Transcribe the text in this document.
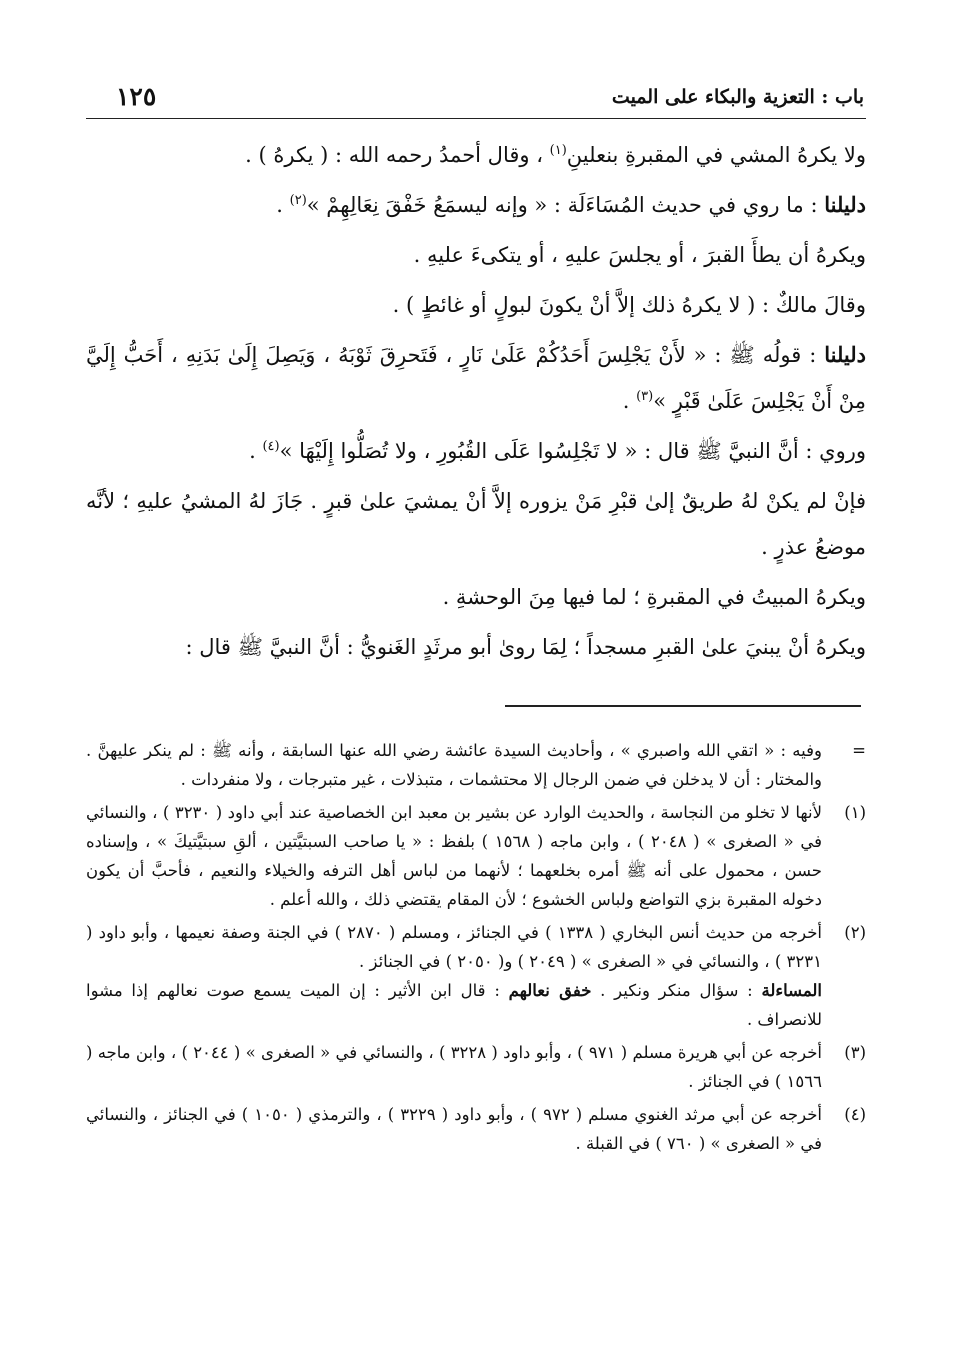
باب : التعزية والبكاء على الميت
١٢٥

ولا يكرهُ المشي في المقبرةِ بنعلينِ$^{(١)}$ ، وقال أحمدُ رحمه الله : ( يكرهُ ) .

دليلنا : ما روي في حديث المُسَاءَلَة : « وإنه ليسمَعُ خَفْقَ نِعَالِهِمْ »$^{(٢)}$ .

ويكرهُ أن يطأَ القبرَ ، أو يجلسَ عليهِ ، أو يتكىءَ عليهِ .

وقالَ مالكٌ : ( لا يكرهُ ذلك إلاَّ أنْ يكونَ لبولٍ أو غائطٍ ) .

دليلنا : قولُه ﷺ : « لأَنْ يَجْلِسَ أَحَدُكُمْ عَلَىٰ نَارٍ ، فَتَحرِقَ ثَوْبَهُ ، وَيَصِلَ إِلَىٰ بَدَنِهِ ، أَحَبُّ إِلَيَّ مِنْ أَنْ يَجْلِسَ عَلَىٰ قَبْرٍ »$^{(٣)}$ .

وروي : أنَّ النبيَّ ﷺ قال : « لا تَجْلِسُوا عَلَى القُبُورِ ، ولا تُصَلُّوا إِلَيْهَا »$^{(٤)}$ .

فإنْ لم يكنْ لهُ طريقٌ إلىٰ قبْرِ مَنْ يزوره إلاَّ أنْ يمشيَ علىٰ قبرٍ . جَازَ لهُ المشيُ عليهِ ؛ لأنَّه موضعُ عذرٍ .

ويكرهُ المبيتُ في المقبرةِ ؛ لما فيها مِنَ الوحشةِ .

ويكرهُ أنْ يبنيَ علىٰ القبرِ مسجداً ؛ لِمَا روىٰ أبو مرثَدٍ الغَنويُّ : أنَّ النبيَّ ﷺ قال :

=

وفيه : « اتقي الله واصبري » ، وأحاديث السيدة عائشة رضي الله عنها السابقة ، وأنه ﷺ : لم ينكر عليهنَّ . والمختار : أن لا يدخلن في ضمن الرجال إلا محتشمات ، متبذلات ، غير متبرجات ، ولا منفردات .

(١)

لأنها لا تخلو من النجاسة ، والحديث الوارد عن بشير بن معبد ابن الخصاصية عند أبي داود ( ٣٢٣٠ ) ، والنسائي في « الصغرى » ( ٢٠٤٨ ) ، وابن ماجه ( ١٥٦٨ ) بلفظ : « يا صاحب السبتيَّتين ، ألقِ سبتيَّتيكَ » ، وإسناده حسن ، محمول على أنه ﷺ أمره بخلعهما ؛ لأنهما من لباس أهل الترفه والخيلاء والنعيم ، فأحبَّ أن يكون دخوله المقبرة بزي التواضع ولباس الخشوع ؛ لأن المقام يقتضي ذلك ، والله أعلم .

(٢)

أخرجه من حديث أنس البخاري ( ١٣٣٨ ) في الجنائز ، ومسلم ( ٢٨٧٠ ) في الجنة وصفة نعيمها ، وأبو داود ( ٣٢٣١ ) ، والنسائي في « الصغرى » ( ٢٠٤٩ ) و( ٢٠٥٠ ) في الجنائز .

المساءلة : سؤال منكر ونكير . خفق نعالهم : قال ابن الأثير : إن الميت يسمع صوت نعالهم إذا مشوا للانصراف .

(٣)

أخرجه عن أبي هريرة مسلم ( ٩٧١ ) ، وأبو داود ( ٣٢٢٨ ) ، والنسائي في « الصغرى » ( ٢٠٤٤ ) ، وابن ماجه ( ١٥٦٦ ) في الجنائز .

(٤)

أخرجه عن أبي مرثد الغنوي مسلم ( ٩٧٢ ) ، وأبو داود ( ٣٢٢٩ ) ، والترمذي ( ١٠٥٠ ) في الجنائز ، والنسائي في « الصغرى » ( ٧٦٠ ) في القبلة .
